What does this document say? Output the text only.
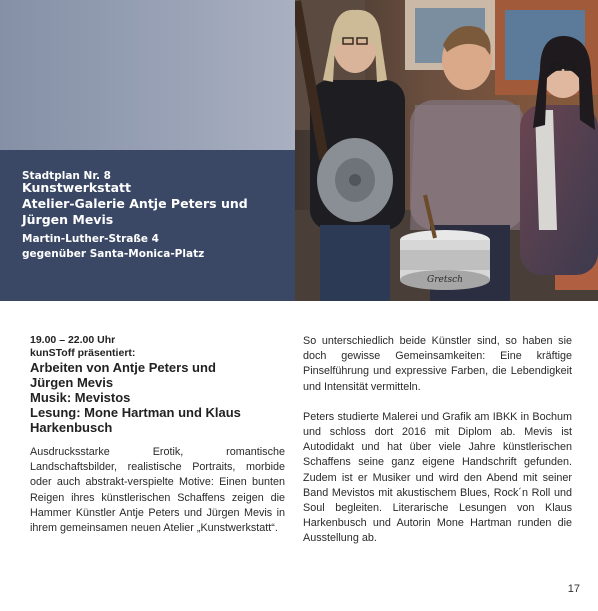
Stadtplan Nr. 8
Kunstwerkstatt
Atelier-Galerie Antje Peters und
Jürgen Mevis
Martin-Luther-Straße 4
gegenüber Santa-Monica-Platz
Gretsch
19.00 – 22.00 Uhr
kunSToff präsentiert:
Arbeiten von Antje Peters und
Jürgen Mevis
Musik: Mevistos
Lesung: Mone Hartman und Klaus
Harkenbusch

Ausdrucksstarke Erotik, romantische Landschaftsbilder, realistische Portraits, morbide oder auch abstrakt-verspielte Motive: Einen bunten Reigen ihres künstlerischen Schaffens zeigen die Hammer Künstler Antje Peters und Jürgen Mevis in ihrem gemeinsamen neuen Atelier „Kunstwerkstatt“.

So unterschiedlich beide Künstler sind, so haben sie doch gewisse Gemeinsamkeiten: Eine kräftige Pinselführung und expressive Farben, die Lebendigkeit und Intensität vermitteln.

Peters studierte Malerei und Grafik am IBKK in Bochum und schloss dort 2016 mit Diplom ab. Mevis ist Autodidakt und hat über viele Jahre künstlerischen Schaffens seine ganz eigene Handschrift gefunden. Zudem ist er Musiker und wird den Abend mit seiner Band Mevistos mit akustischem Blues, Rock´n Roll und Soul begleiten. Literarische Lesungen von Klaus Harkenbusch und Autorin Mone Hartman runden die Ausstellung ab.

17
